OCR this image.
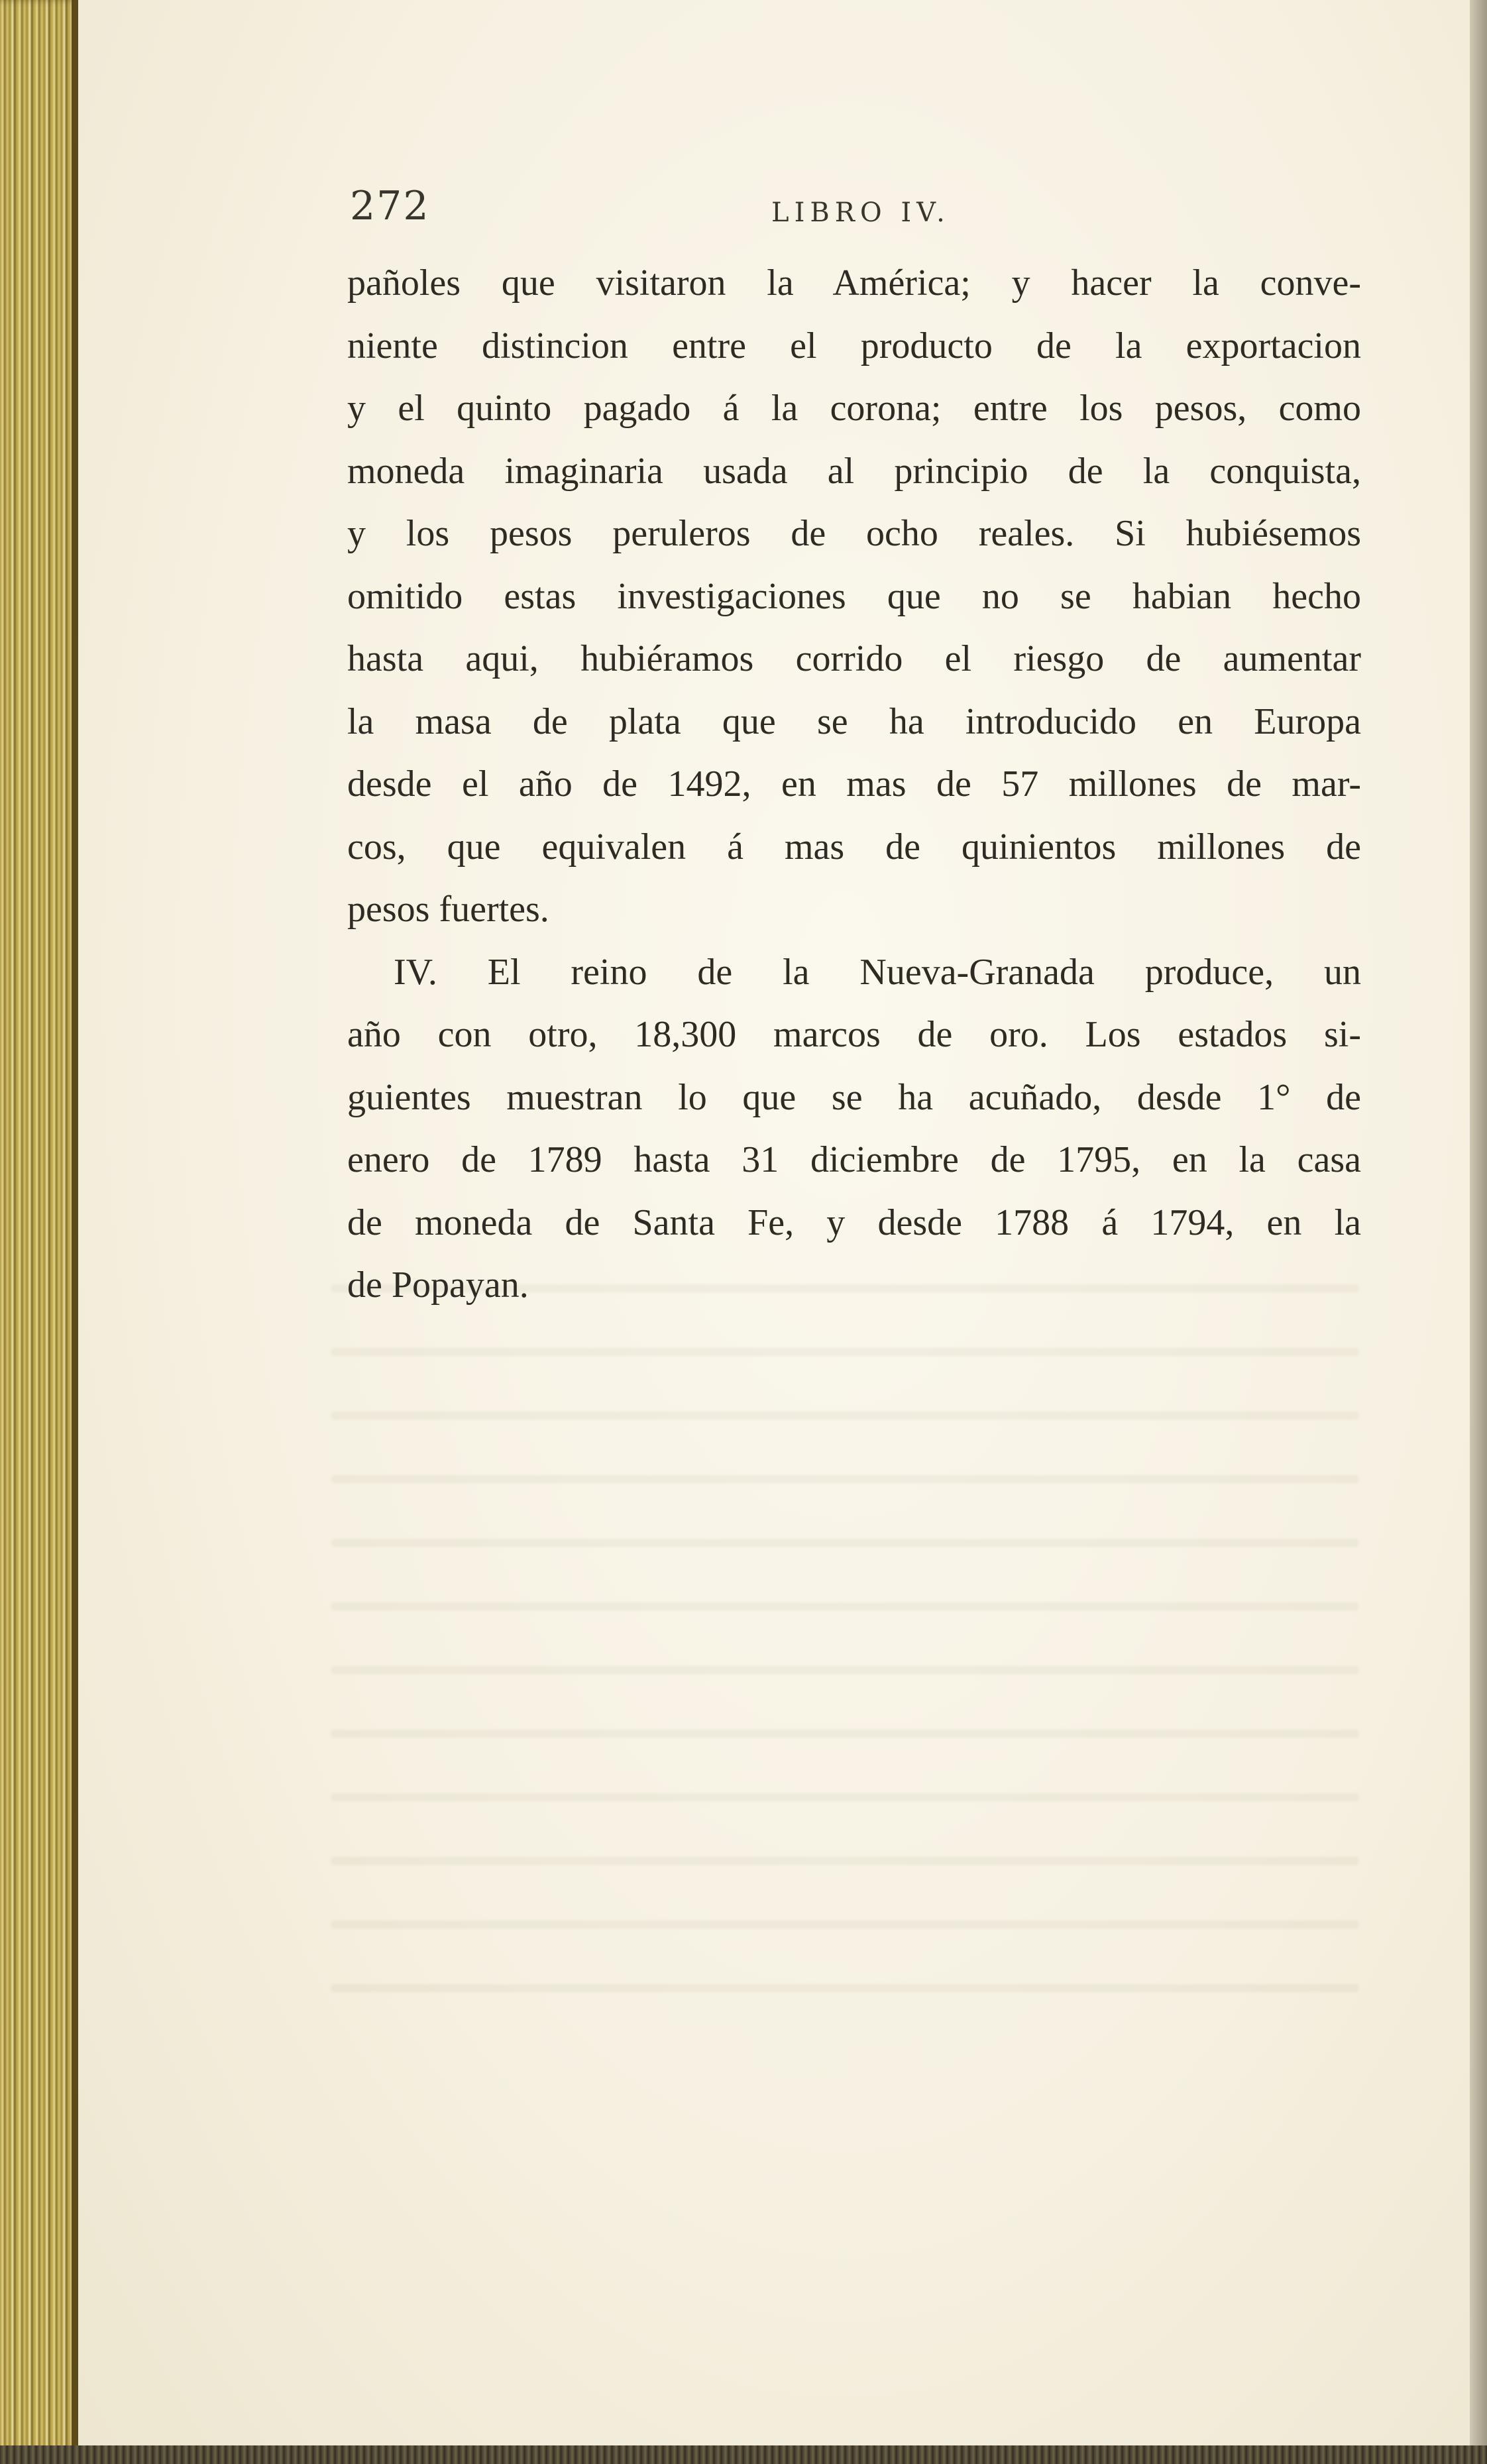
272	LIBRO IV.
pañoles que visitaron la América; y hacer la conve-
niente distincion entre el producto de la exportacion
y el quinto pagado á la corona; entre los pesos, como
moneda imaginaria usada al principio de la conquista,
y los pesos peruleros de ocho reales. Si hubiésemos
omitido estas investigaciones que no se habian hecho
hasta aqui, hubiéramos corrido el riesgo de aumentar
la masa de plata que se ha introducido en Europa
desde el año de 1492, en mas de 57 millones de mar-
cos, que equivalen á mas de quinientos millones de
pesos fuertes.
IV. El reino de la Nueva-Granada produce, un
año con otro, 18,300 marcos de oro. Los estados si-
guientes muestran lo que se ha acuñado, desde 1° de
enero de 1789 hasta 31 diciembre de 1795, en la casa
de moneda de Santa Fe, y desde 1788 á 1794, en la
de Popayan.
